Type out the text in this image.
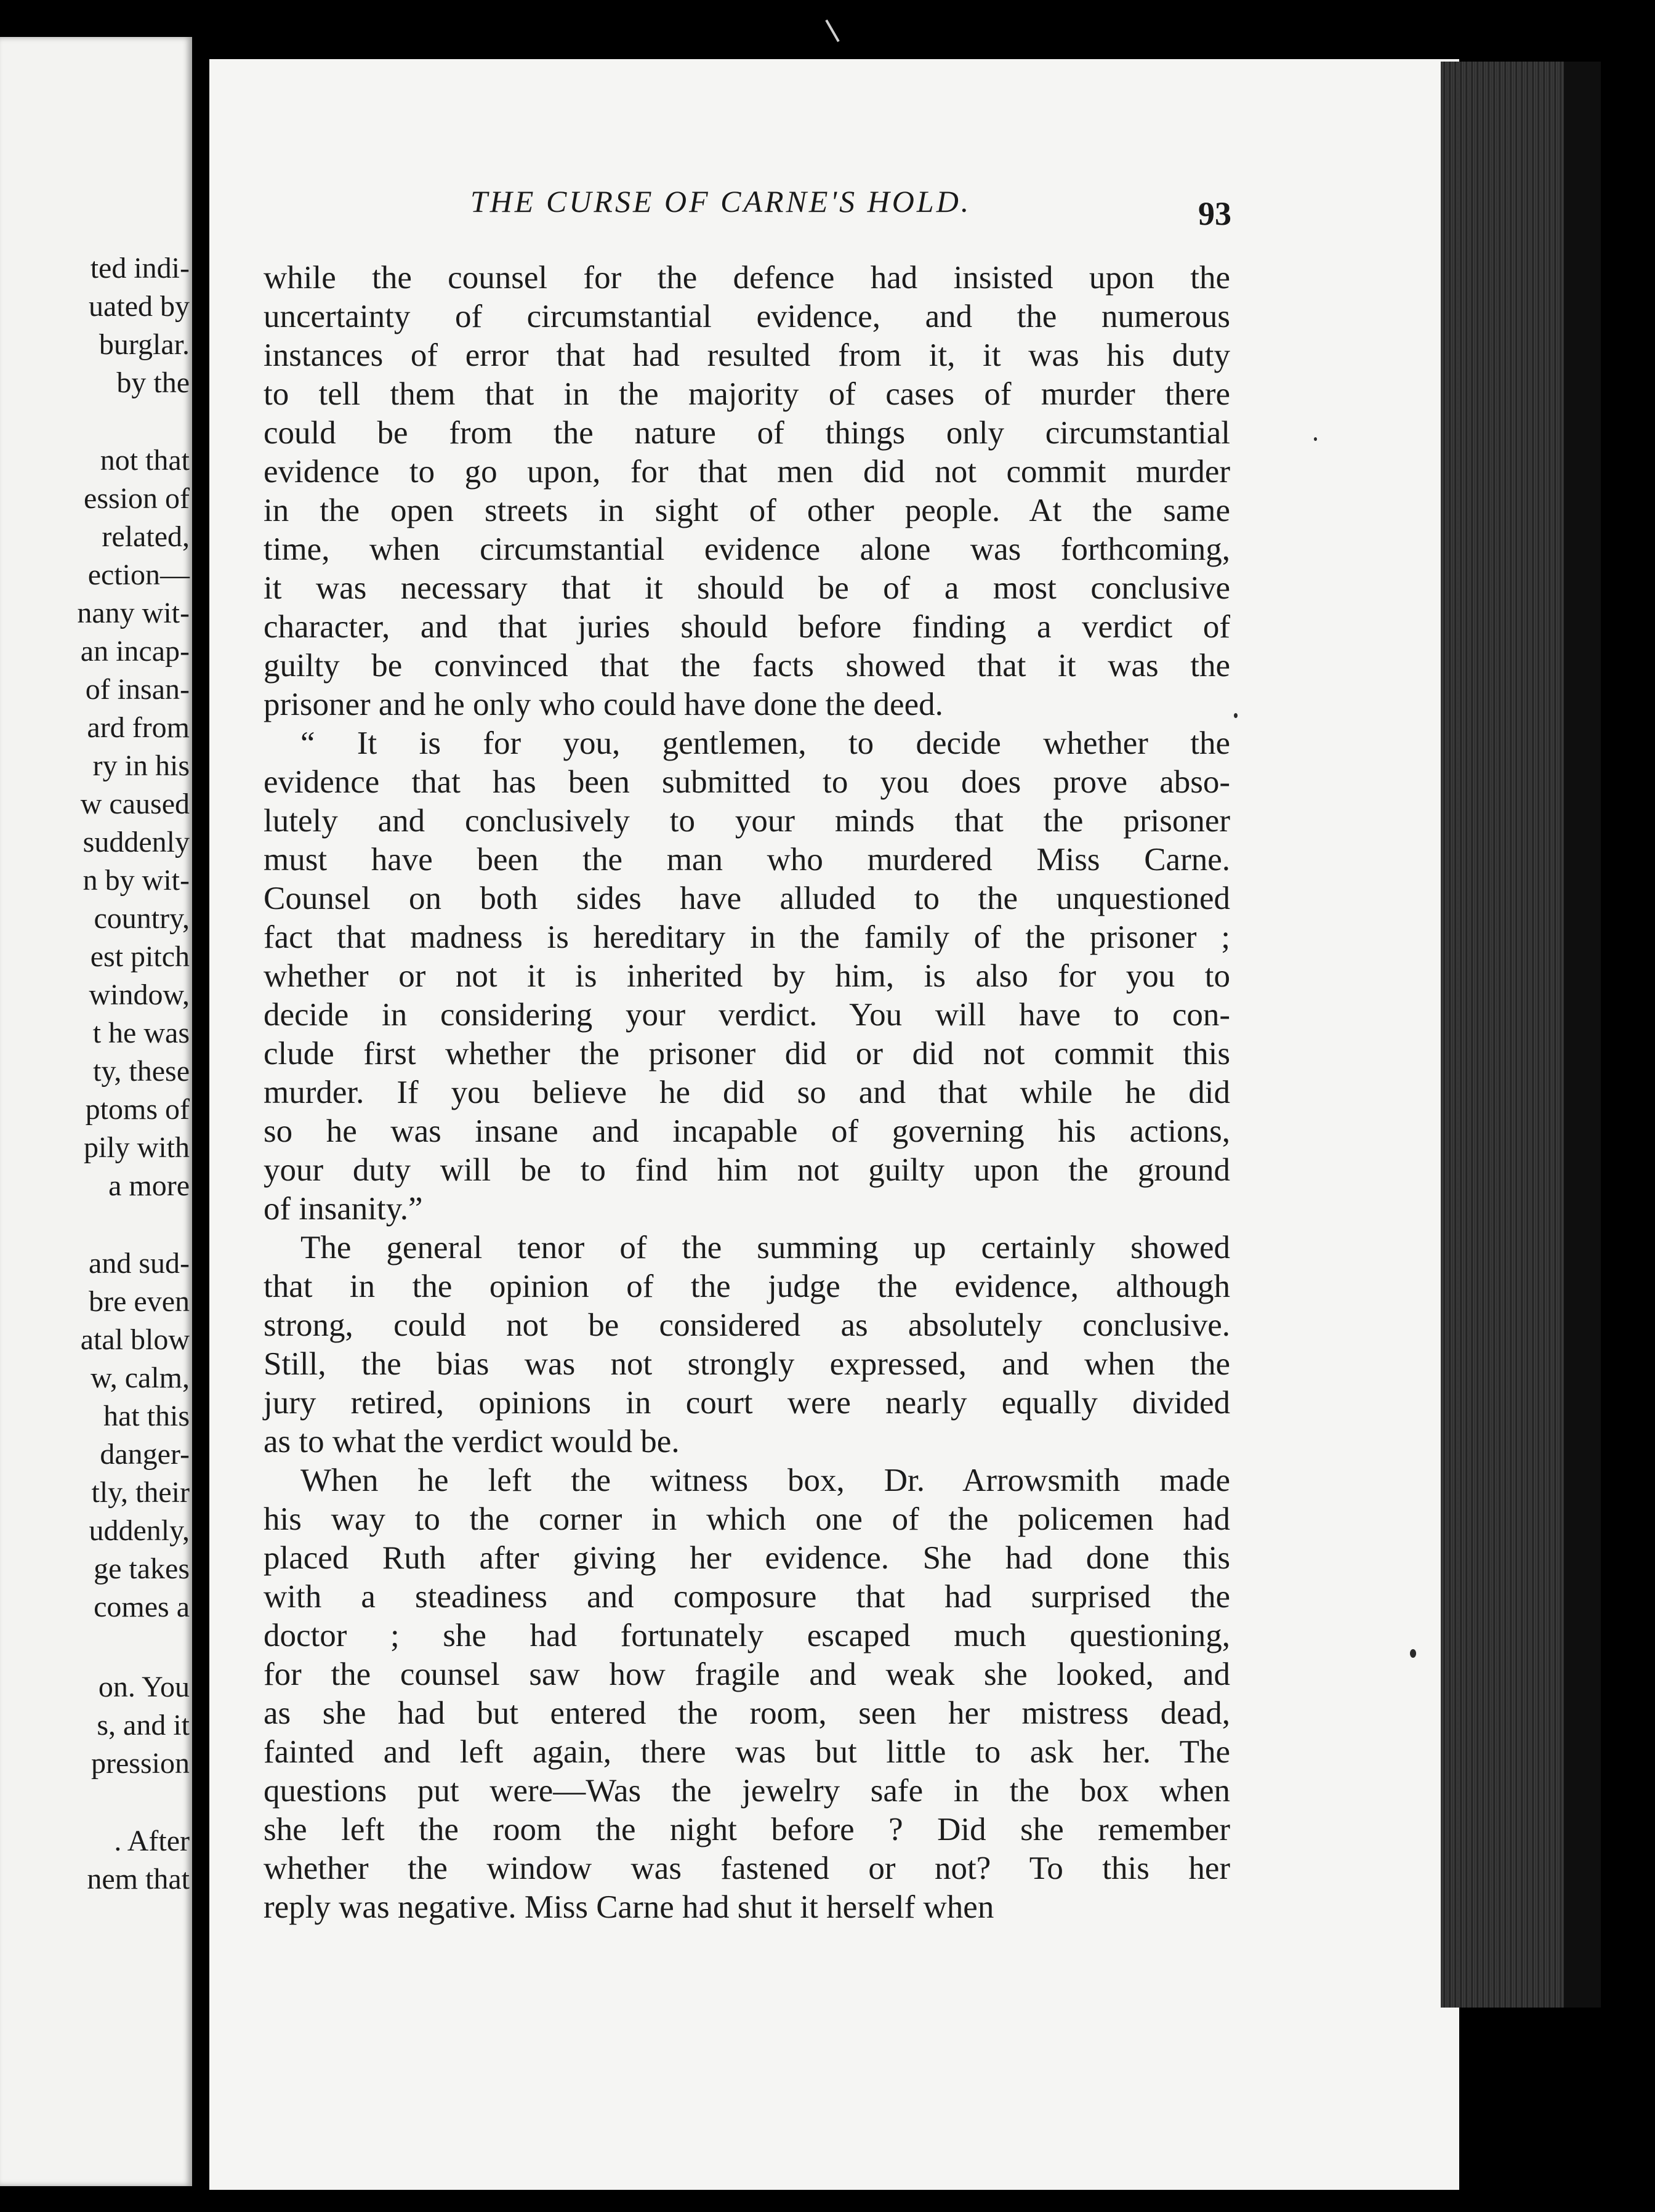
ted indi-
uated by
burglar.
by the
not that
ession of
related,
ection—
nany wit-
an incap-
of insan-
ard from
ry in his
w caused
suddenly
n by wit-
country,
est pitch
window,
t he was
ty, these
ptoms of
pily with
a more
and sud-
bre even
atal blow
w, calm,
hat this
danger-
tly, their
uddenly,
ge takes
comes a
on. You
s, and it
pression
. After
nem that
THE CURSE OF CARNE'S HOLD.	93
while the counsel for the defence had insisted upon the
uncertainty of circumstantial evidence, and the numerous
instances of error that had resulted from it, it was his duty
to tell them that in the majority of cases of murder there
could be from the nature of things only circumstantial
evidence to go upon, for that men did not commit murder
in the open streets in sight of other people. At the same
time, when circumstantial evidence alone was forthcoming,
it was necessary that it should be of a most conclusive
character, and that juries should before finding a verdict of
guilty be convinced that the facts showed that it was the
prisoner and he only who could have done the deed.
“ It is for you, gentlemen, to decide whether the
evidence that has been submitted to you does prove abso-
lutely and conclusively to your minds that the prisoner
must have been the man who murdered Miss Carne.
Counsel on both sides have alluded to the unquestioned
fact that madness is hereditary in the family of the prisoner ;
whether or not it is inherited by him, is also for you to
decide in considering your verdict. You will have to con-
clude first whether the prisoner did or did not commit this
murder. If you believe he did so and that while he did
so he was insane and incapable of governing his actions,
your duty will be to find him not guilty upon the ground
of insanity.”
The general tenor of the summing up certainly showed
that in the opinion of the judge the evidence, although
strong, could not be considered as absolutely conclusive.
Still, the bias was not strongly expressed, and when the
jury retired, opinions in court were nearly equally divided
as to what the verdict would be.
When he left the witness box, Dr. Arrowsmith made
his way to the corner in which one of the policemen had
placed Ruth after giving her evidence. She had done this
with a steadiness and composure that had surprised the
doctor ; she had fortunately escaped much questioning,
for the counsel saw how fragile and weak she looked, and
as she had but entered the room, seen her mistress dead,
fainted and left again, there was but little to ask her. The
questions put were—Was the jewelry safe in the box when
she left the room the night before ? Did she remember
whether the window was fastened or not? To this her
reply was negative. Miss Carne had shut it herself when
